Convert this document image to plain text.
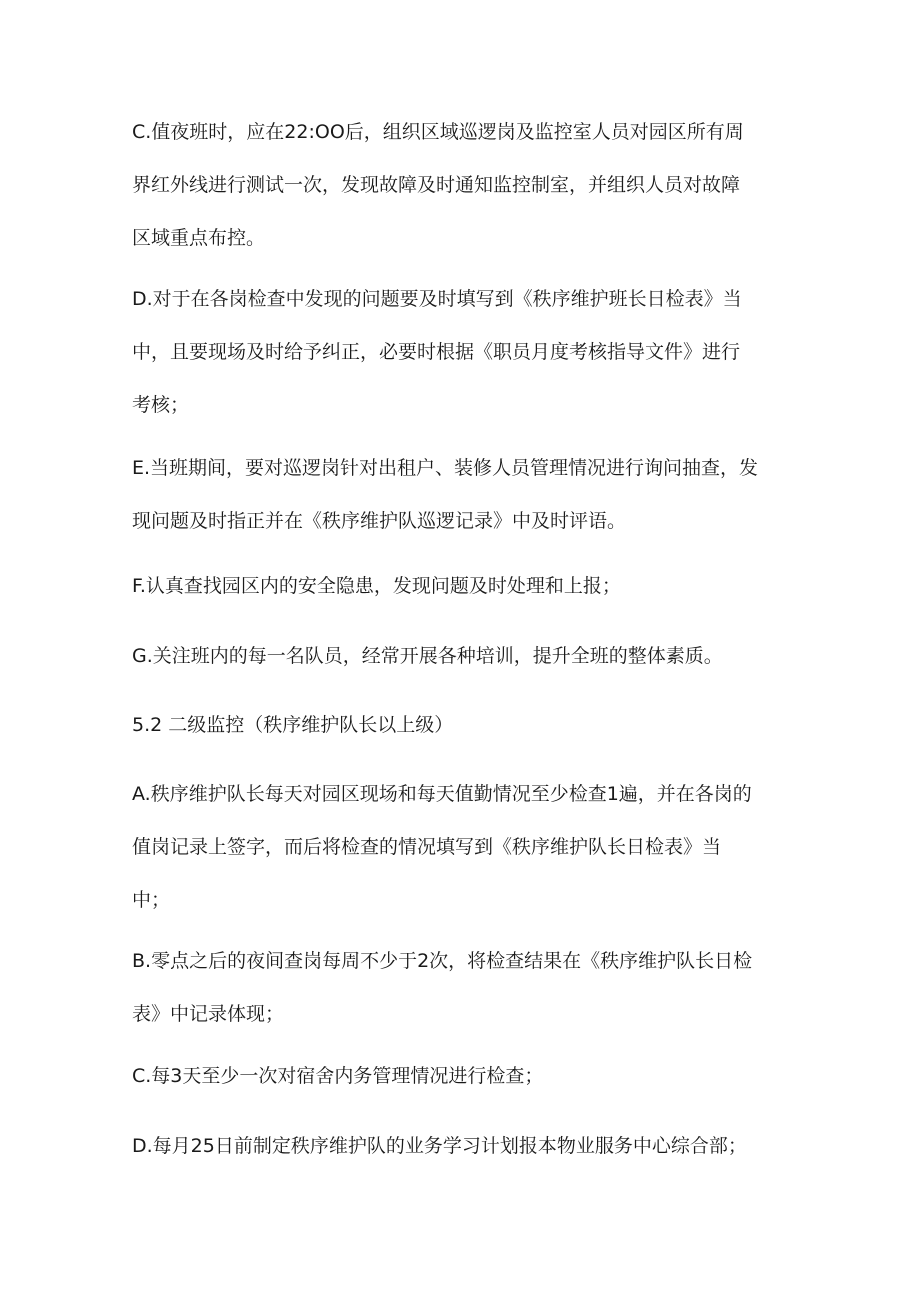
C.值夜班时，应在22:OO后，组织区域巡逻岗及监控室人员对园区所有周
界红外线进行测试一次，发现故障及时通知监控制室，并组织人员对故障
区域重点布控。

D.对于在各岗检查中发现的问题要及时填写到《秩序维护班长日检表》当
中，且要现场及时给予纠正，必要时根据《职员月度考核指导文件》进行
考核；

E.当班期间，要对巡逻岗针对出租户、装修人员管理情况进行询问抽查，发
现问题及时指正并在《秩序维护队巡逻记录》中及时评语。

F.认真查找园区内的安全隐患，发现问题及时处理和上报；

G.关注班内的每一名队员，经常开展各种培训，提升全班的整体素质。

5.2 二级监控（秩序维护队长以上级）

A.秩序维护队长每天对园区现场和每天值勤情况至少检查1遍，并在各岗的
值岗记录上签字，而后将检查的情况填写到《秩序维护队长日检表》当
中；

B.零点之后的夜间查岗每周不少于2次，将检查结果在《秩序维护队长日检
表》中记录体现；

C.每3天至少一次对宿舍内务管理情况进行检查；

D.每月25日前制定秩序维护队的业务学习计划报本物业服务中心综合部；
